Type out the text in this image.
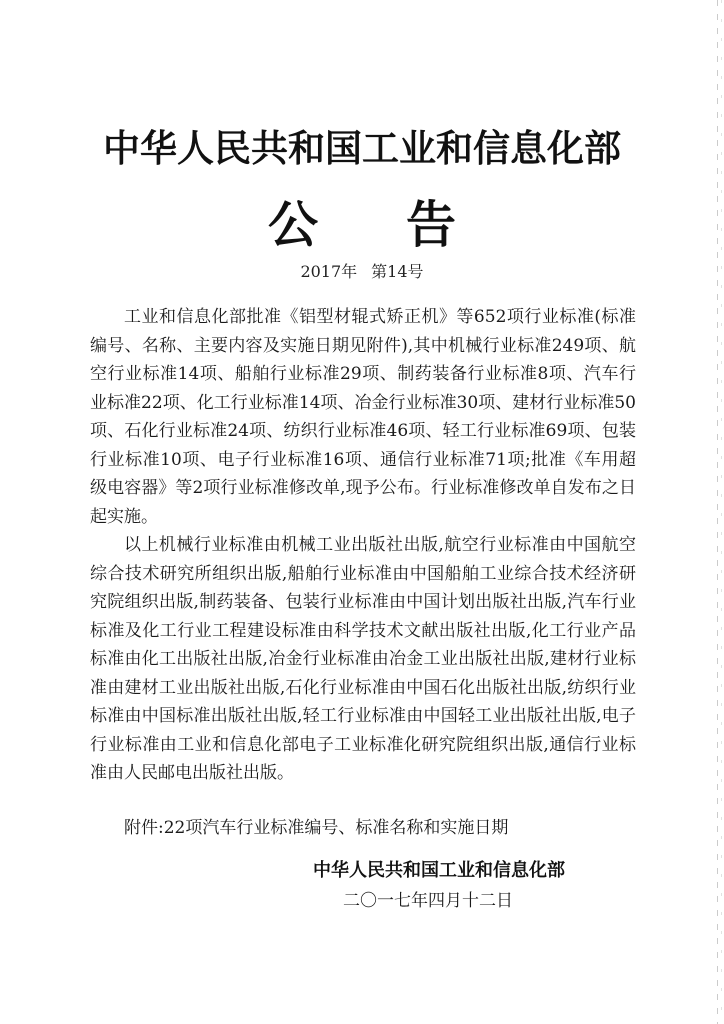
中华人民共和国工业和信息化部
公 告
2017年 第14号

工业和信息化部批准《铝型材辊式矫正机》等652项行业标准(标准编号、名称、主要内容及实施日期见附件),其中机械行业标准249项、航空行业标准14项、船舶行业标准29项、制药装备行业标准8项、汽车行业标准22项、化工行业标准14项、冶金行业标准30项、建材行业标准50项、石化行业标准24项、纺织行业标准46项、轻工行业标准69项、包装行业标准10项、电子行业标准16项、通信行业标准71项;批准《车用超级电容器》等2项行业标准修改单,现予公布。行业标准修改单自发布之日起实施。

以上机械行业标准由机械工业出版社出版,航空行业标准由中国航空综合技术研究所组织出版,船舶行业标准由中国船舶工业综合技术经济研究院组织出版,制药装备、包装行业标准由中国计划出版社出版,汽车行业标准及化工行业工程建设标准由科学技术文献出版社出版,化工行业产品标准由化工出版社出版,冶金行业标准由冶金工业出版社出版,建材行业标准由建材工业出版社出版,石化行业标准由中国石化出版社出版,纺织行业标准由中国标准出版社出版,轻工行业标准由中国轻工业出版社出版,电子行业标准由工业和信息化部电子工业标准化研究院组织出版,通信行业标准由人民邮电出版社出版。

附件:22项汽车行业标准编号、标准名称和实施日期
中华人民共和国工业和信息化部
二〇一七年四月十二日
